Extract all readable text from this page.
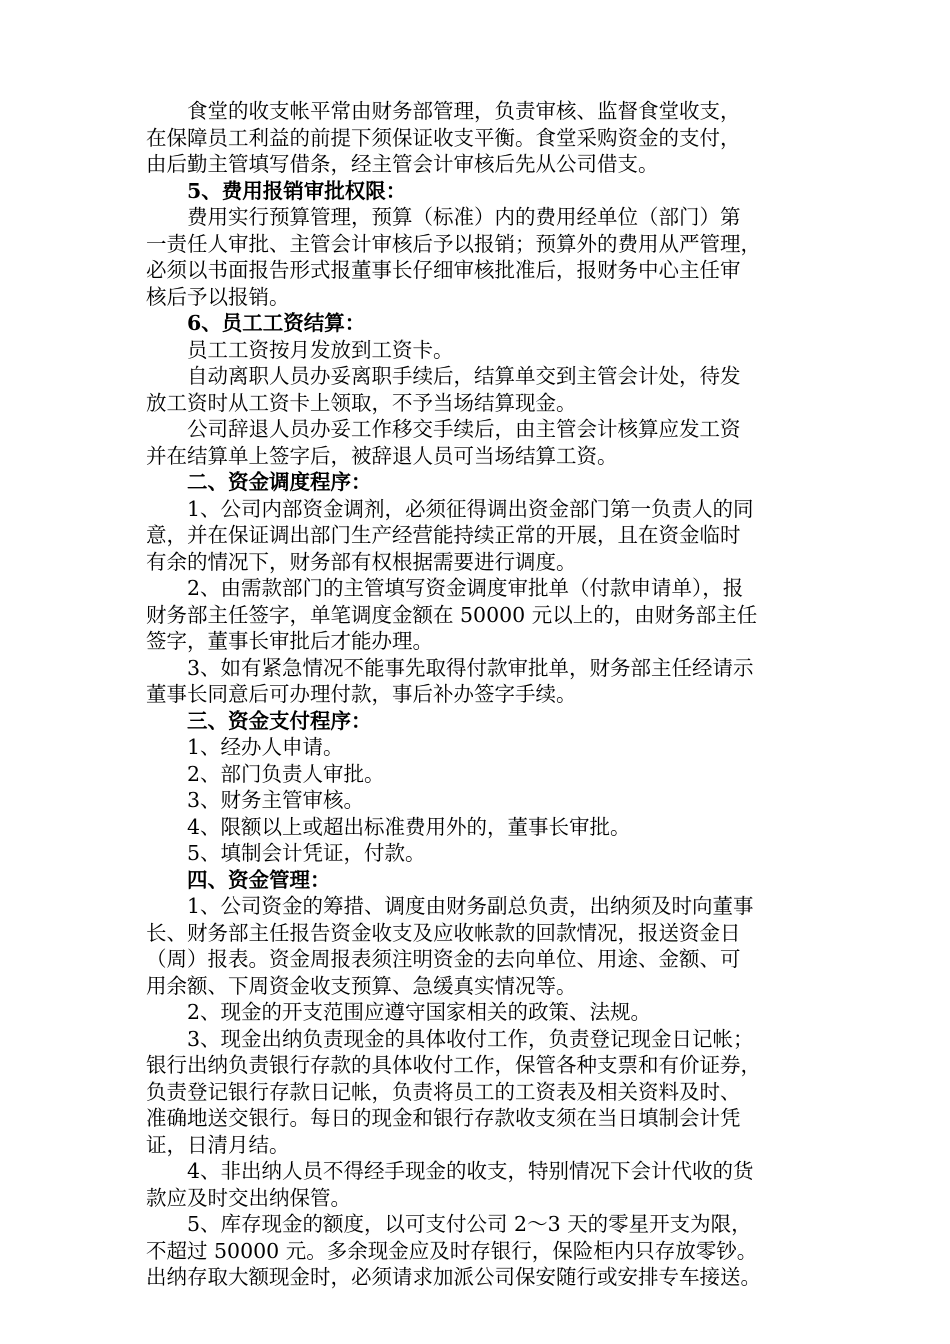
食堂的收支帐平常由财务部管理，负责审核、监督食堂收支，
在保障员工利益的前提下须保证收支平衡。食堂采购资金的支付，
由后勤主管填写借条，经主管会计审核后先从公司借支。

5、费用报销审批权限：

费用实行预算管理，预算（标准）内的费用经单位（部门）第
一责任人审批、主管会计审核后予以报销；预算外的费用从严管理，
必须以书面报告形式报董事长仔细审核批准后，报财务中心主任审
核后予以报销。

6、员工工资结算：

员工工资按月发放到工资卡。

自动离职人员办妥离职手续后，结算单交到主管会计处，待发
放工资时从工资卡上领取，不予当场结算现金。

公司辞退人员办妥工作移交手续后，由主管会计核算应发工资
并在结算单上签字后，被辞退人员可当场结算工资。

二、资金调度程序：

1、公司内部资金调剂，必须征得调出资金部门第一负责人的同
意，并在保证调出部门生产经营能持续正常的开展，且在资金临时
有余的情况下，财务部有权根据需要进行调度。

2、由需款部门的主管填写资金调度审批单（付款申请单），报
财务部主任签字，单笔调度金额在 50000 元以上的，由财务部主任
签字，董事长审批后才能办理。

3、如有紧急情况不能事先取得付款审批单，财务部主任经请示
董事长同意后可办理付款，事后补办签字手续。

三、资金支付程序：

1、经办人申请。

2、部门负责人审批。

3、财务主管审核。

4、限额以上或超出标准费用外的，董事长审批。

5、填制会计凭证，付款。

四、资金管理：

1、公司资金的筹措、调度由财务副总负责，出纳须及时向董事
长、财务部主任报告资金收支及应收帐款的回款情况，报送资金日
（周）报表。资金周报表须注明资金的去向单位、用途、金额、可
用余额、下周资金收支预算、急缓真实情况等。

2、现金的开支范围应遵守国家相关的政策、法规。

3、现金出纳负责现金的具体收付工作，负责登记现金日记帐；
银行出纳负责银行存款的具体收付工作，保管各种支票和有价证券，
负责登记银行存款日记帐，负责将员工的工资表及相关资料及时、
准确地送交银行。每日的现金和银行存款收支须在当日填制会计凭
证，日清月结。

4、非出纳人员不得经手现金的收支，特别情况下会计代收的货
款应及时交出纳保管。

5、库存现金的额度，以可支付公司 2～3 天的零星开支为限，
不超过 50000 元。多余现金应及时存银行，保险柜内只存放零钞。
出纳存取大额现金时，必须请求加派公司保安随行或安排专车接送。
